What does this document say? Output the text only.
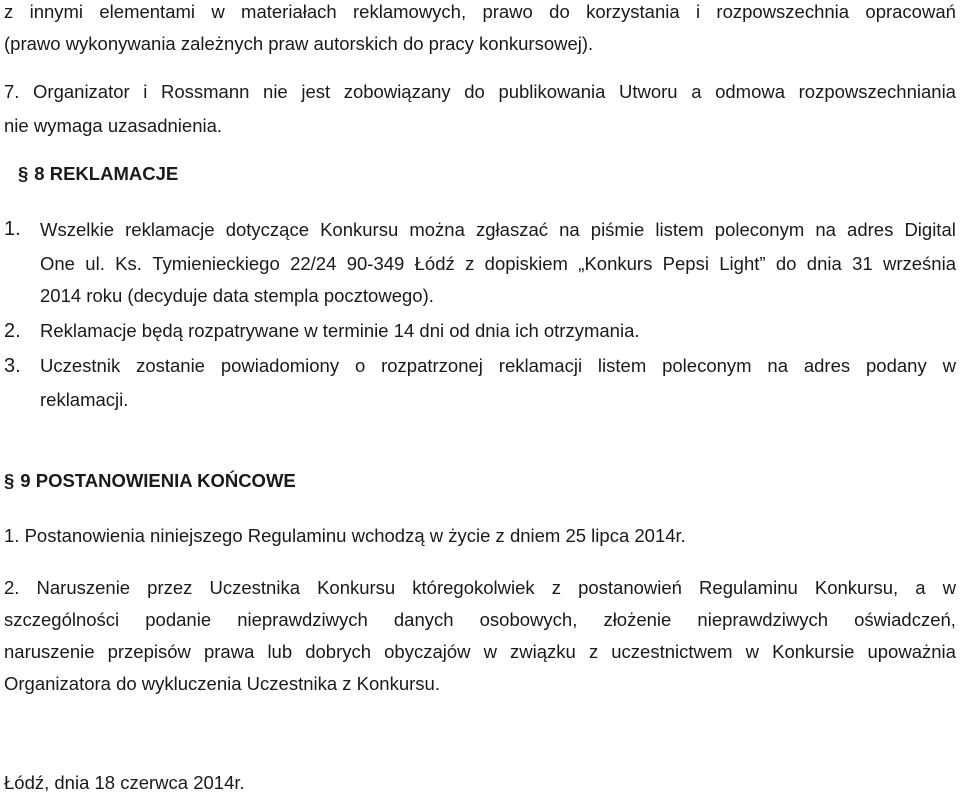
z innymi elementami w materiałach reklamowych, prawo do korzystania i rozpowszechnia opracowań
(prawo wykonywania zależnych praw autorskich do pracy konkursowej).
7. Organizator i Rossmann nie jest zobowiązany do publikowania Utworu a odmowa rozpowszechniania
nie wymaga uzasadnienia.
§ 8 REKLAMACJE
1. Wszelkie reklamacje dotyczące Konkursu można zgłaszać na piśmie listem poleconym na adres Digital
One ul. Ks. Tymienieckiego 22/24 90-349 Łódź z dopiskiem „Konkurs Pepsi Light” do dnia 31 września
2014 roku (decyduje data stempla pocztowego).
2. Reklamacje będą rozpatrywane w terminie 14 dni od dnia ich otrzymania.
3. Uczestnik zostanie powiadomiony o rozpatrzonej reklamacji listem poleconym na adres podany w
reklamacji.
§ 9 POSTANOWIENIA KOŃCOWE
1. Postanowienia niniejszego Regulaminu wchodzą w życie z dniem 25 lipca 2014r.
2. Naruszenie przez Uczestnika Konkursu któregokolwiek z postanowień Regulaminu Konkursu, a w
szczególności podanie nieprawdziwych danych osobowych, złożenie nieprawdziwych oświadczeń,
naruszenie przepisów prawa lub dobrych obyczajów w związku z uczestnictwem w Konkursie upoważnia
Organizatora do wykluczenia Uczestnika z Konkursu.
Łódź, dnia 18 czerwca 2014r.
